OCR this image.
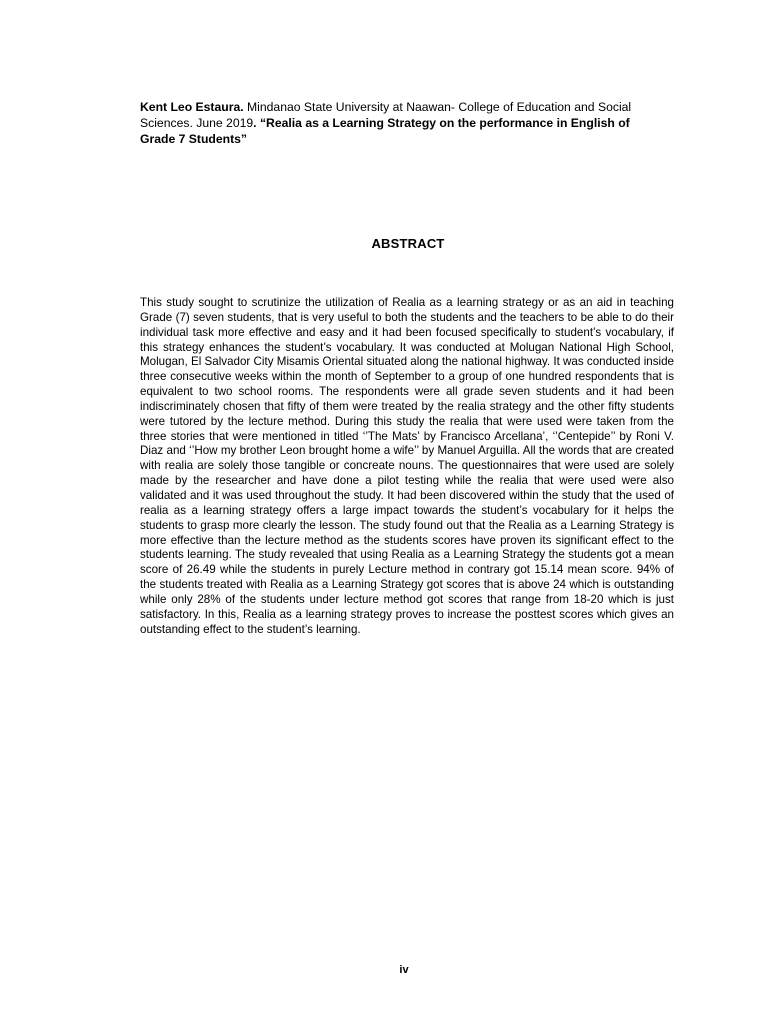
Kent Leo Estaura. Mindanao State University at Naawan- College of Education and Social Sciences. June 2019. “Realia as a Learning Strategy on the performance in English of Grade 7 Students”

ABSTRACT

This study sought to scrutinize the utilization of Realia as a learning strategy or as an aid in teaching Grade (7) seven students, that is very useful to both the students and the teachers to be able to do their individual task more effective and easy and it had been focused specifically to student’s vocabulary, if this strategy enhances the student’s vocabulary. It was conducted at Molugan National High School, Molugan, El Salvador City Misamis Oriental situated along the national highway. It was conducted inside three consecutive weeks within the month of September to a group of one hundred respondents that is equivalent to two school rooms. The respondents were all grade seven students and it had been indiscriminately chosen that fifty of them were treated by the realia strategy and the other fifty students were tutored by the lecture method. During this study the realia that were used were taken from the three stories that were mentioned in titled ‘’The Mats’ by Francisco Arcellana’, ‘’Centepide’’ by Roni V. Diaz and ‘’How my brother Leon brought home a wife’’ by Manuel Arguilla. All the words that are created with realia are solely those tangible or concreate nouns. The questionnaires that were used are solely made by the researcher and have done a pilot testing while the realia that were used were also validated and it was used throughout the study. It had been discovered within the study that the used of realia as a learning strategy offers a large impact towards the student’s vocabulary for it helps the students to grasp more clearly the lesson. The study found out that the Realia as a Learning Strategy is more effective than the lecture method as the students scores have proven its significant effect to the students learning. The study revealed that using Realia as a Learning Strategy the students got a mean score of 26.49 while the students in purely Lecture method in contrary got 15.14 mean score. 94% of the students treated with Realia as a Learning Strategy got scores that is above 24 which is outstanding while only 28% of the students under lecture method got scores that range from 18-20 which is just satisfactory. In this, Realia as a learning strategy proves to increase the posttest scores which gives an outstanding effect to the student’s learning.

iv
